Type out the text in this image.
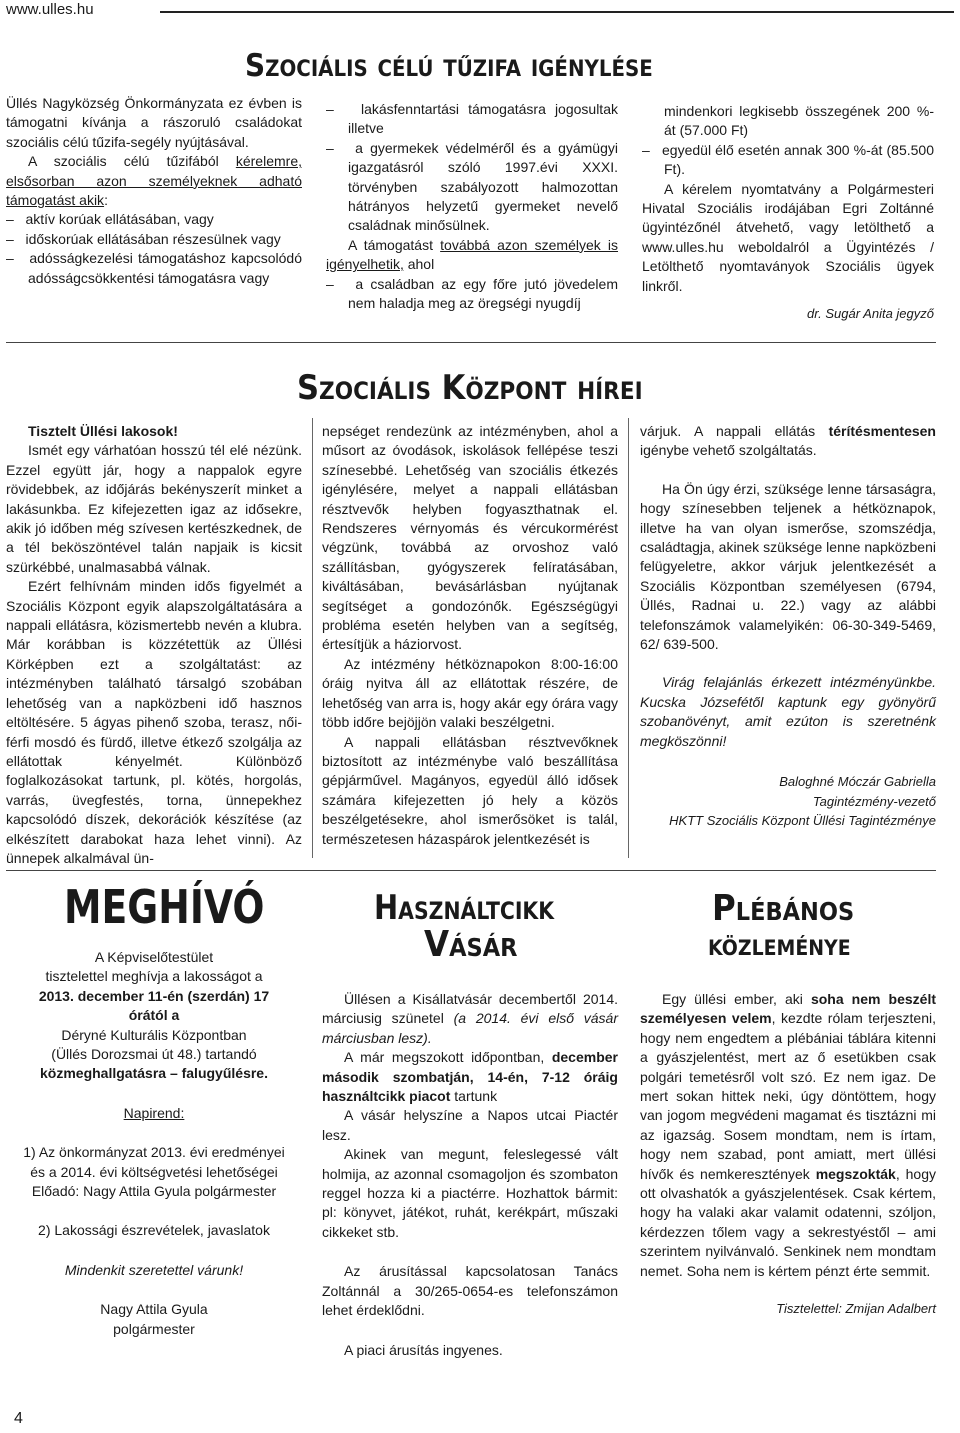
www.ulles.hu
Szociális célú tűzifa igénylése

Üllés Nagyközség Önkormányzata ez évben is támogatni kívánja a rászoruló családokat szociális célú tűzifa-segély nyújtásával.

A szociális célú tűzifából kérelemre, elsősorban azon személyeknek adható támogatást akik:

–   aktív korúak ellátásában, vagy

–   időskorúak ellátásában részesülnek vagy

–   adósságkezelési támogatáshoz kapcsolódó adósságcsökkentési támogatásra vagy

–   lakásfenntartási támogatásra jogosultak illetve

–   a gyermekek védelméről és a gyámügyi igazgatásról szóló 1997.évi XXXI. törvényben szabályozott halmozottan hátrányos helyzetű gyermeket nevelő családnak minősülnek.

A támogatást továbbá azon személyek is igényelhetik, ahol

–   a családban az egy főre jutó jövedelem nem haladja meg az öregségi nyugdíj

mindenkori legkisebb összegének 200 %-át (57.000 Ft)

–   egyedül élő esetén annak 300 %-át (85.500 Ft).

A kérelem nyomtatvány a Polgármesteri Hivatal Szociális irodájában Egri Zoltánné ügyintézőnél átvehető, vagy letölthető a www.ulles.hu weboldalról a Ügyintézés / Letölthető nyomtaványok Szociális ügyek linkről.

dr. Sugár Anita jegyző

Szociális Központ hírei

Tisztelt Üllési lakosok!

Ismét egy várhatóan hosszú tél elé nézünk. Ezzel együtt jár, hogy a nappalok egyre rövidebbek, az időjárás bekényszerít minket a lakásunkba. Ez kifejezetten igaz az idősekre, akik jó időben még szívesen kertészkednek, de a tél beköszöntével talán napjaik is kicsit szürkébbé, unalmasabbá válnak.

Ezért felhívnám minden idős figyelmét a Szociális Központ egyik alapszolgáltatására a nappali ellátásra, közismertebb nevén a klubra. Már korábban is közzétettük az Üllési Körképben ezt a szolgáltatást: az intézményben található társalgó szobában lehetőség van a napközbeni idő hasznos eltöltésére. 5 ágyas pihenő szoba, terasz, női-férfi mosdó és fürdő, illetve étkező szolgálja az ellátottak kényelmét. Különböző foglalkozásokat tartunk, pl. kötés, horgolás, varrás, üvegfestés, torna, ünnepekhez kapcsolódó díszek, dekorációk készítése (az elkészített darabokat haza lehet vinni). Az ünnepek alkalmával ün-

nepséget rendezünk az intézményben, ahol a műsort az óvodások, iskolások fellépése teszi színesebbé. Lehetőség van szociális étkezés igénylésére, melyet a nappali ellátásban résztvevők helyben fogyaszthatnak el. Rendszeres vérnyomás és vércukormérést végzünk, továbbá az orvoshoz való szállításban, gyógyszerek felíratásában, kiváltásában, bevásárlásban nyújtanak segítséget a gondozónők. Egészségügyi probléma esetén helyben van a segítség, értesítjük a háziorvost.

Az intézmény hétköznapokon 8:00-16:00 óráig nyitva áll az ellátottak részére, de lehetőség van arra is, hogy akár egy órára vagy több időre bejöjjön valaki beszélgetni.

A nappali ellátásban résztvevőknek biztosított az intézménybe való beszállítása gépjárművel. Magányos, egyedül álló idősek számára kifejezetten jó hely a közös beszélgetésekre, ahol ismerősöket is talál, természetesen házaspárok jelentkezését is

várjuk. A nappali ellátás térítésmentesen igénybe vehető szolgáltatás.

Ha Ön úgy érzi, szüksége lenne társaságra, hogy színesebben teljenek a hétköznapok, illetve ha van olyan ismerőse, szomszédja, családtagja, akinek szüksége lenne napközbeni felügyeletre, akkor várjuk jelentkezését a Szociális Központban személyesen (6794, Üllés, Radnai u. 22.) vagy az alábbi telefonszámok valamelyikén: 06-30-349-5469, 62/ 639-500.

Virág felajánlás érkezett intézményünkbe. Kucska Józsefétől kaptunk egy gyönyörű szobanövényt, amit ezúton is szeretnénk megköszönni!

Baloghné Móczár Gabriella

Tagintézmény-vezető

HKTT Szociális Központ Üllési Tagintézménye

MEGHÍVÓ

A Képviselőtestület

tisztelettel meghívja a lakosságot a

2013. december 11-én (szerdán) 17

órától a

Déryné Kulturális Központban

(Üllés Dorozsmai út 48.) tartandó

közmeghallgatásra – falugyűlésre.

Napirend:

1) Az önkormányzat 2013. évi eredményei

és a 2014. évi költségvetési lehetőségei

Előadó: Nagy Attila Gyula polgármester

2) Lakossági észrevételek, javaslatok

Mindenkit szeretettel várunk!

Nagy Attila Gyula

polgármester

Használtcikk
Vásár

Üllésen a Kisállatvásár decembertől 2014. márciusig szünetel (a 2014. évi első vásár márciusban lesz).

A már megszokott időpontban, december második szombatján, 14-én, 7-12 óráig használtcikk piacot tartunk

A vásár helyszíne a Napos utcai Piactér lesz.

Akinek van megunt, feleslegessé vált holmija, az azonnal csomagoljon és szombaton reggel hozza ki a piactérre. Hozhattok bármit: pl: könyvet, játékot, ruhát, kerékpárt, műszaki cikkeket stb.

Az árusítással kapcsolatosan Tanács Zoltánnál a 30/265-0654-es telefonszámon lehet érdeklődni.

A piaci árusítás ingyenes.

Plébános
közleménye

Egy üllési ember, aki soha nem beszélt személyesen velem, kezdte rólam terjeszteni, hogy nem engedtem a plébániai táblára kitenni a gyászjelentést, mert az ő esetükben csak polgári temetésről volt szó. Ez nem igaz. De mert sokan hittek neki, úgy döntöttem, hogy van jogom megvédeni magamat és tisztázni mi az igazság. Sosem mondtam, nem is írtam, hogy nem szabad, pont amiatt, mert üllési hívők és nemkeresztények megszokták, hogy ott olvashatók a gyászjelentések. Csak kértem, hogy ha valaki akar valamit odatenni, szóljon, kérdezzen tőlem vagy a sekrestyéstől – ami szerintem nyilvánvaló. Senkinek nem mondtam nemet. Soha nem is kértem pénzt érte semmit.

Tisztelettel: Zmijan Adalbert

4
